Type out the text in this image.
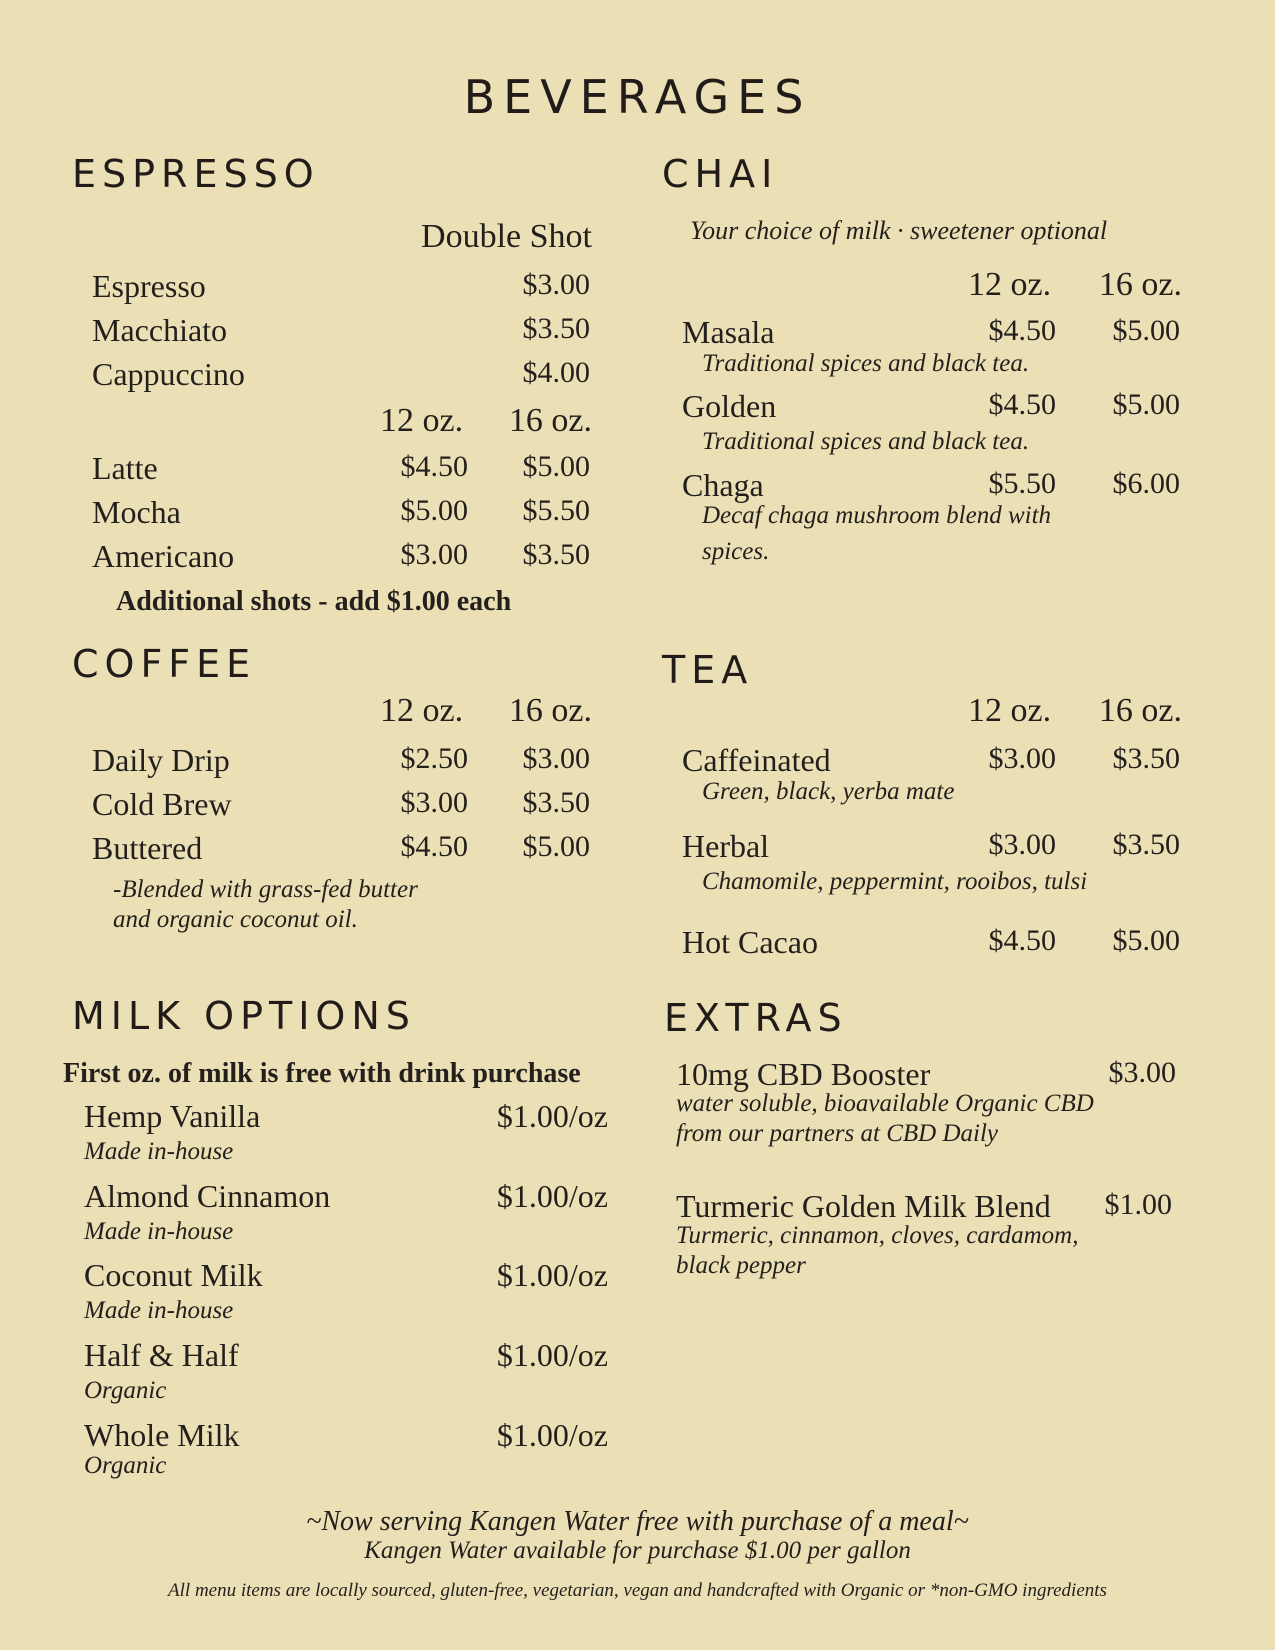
BEVERAGES
ESPRESSO
Double Shot
Espresso	$3.00
Macchiato	$3.50
Cappuccino	$4.00
12 oz.	16 oz.
Latte	$4.50	$5.00
Mocha	$5.00	$5.50
Americano	$3.00	$3.50
Additional shots - add $1.00 each
COFFEE
12 oz.	16 oz.
Daily Drip	$2.50	$3.00
Cold Brew	$3.00	$3.50
Buttered	$4.50	$5.00
-Blended with grass-fed butter
and organic coconut oil.
MILK OPTIONS
First oz. of milk is free with drink purchase
Hemp Vanilla	$1.00/oz
Made in-house
Almond Cinnamon	$1.00/oz
Made in-house
Coconut Milk	$1.00/oz
Made in-house
Half & Half	$1.00/oz
Organic
Whole Milk	$1.00/oz
Organic
CHAI
Your choice of milk · sweetener optional
12 oz.	16 oz.
Masala	$4.50	$5.00
Traditional spices and black tea.
Golden	$4.50	$5.00
Traditional spices and black tea.
Chaga	$5.50	$6.00
Decaf chaga mushroom blend with
spices.
TEA
12 oz.	16 oz.
Caffeinated	$3.00	$3.50
Green, black, yerba mate
Herbal	$3.00	$3.50
Chamomile, peppermint, rooibos, tulsi
Hot Cacao	$4.50	$5.00
EXTRAS
10mg CBD Booster	$3.00
water soluble, bioavailable Organic CBD
from our partners at CBD Daily
Turmeric Golden Milk Blend	$1.00
Turmeric, cinnamon, cloves, cardamom,
black pepper
~Now serving Kangen Water free with purchase of a meal~
Kangen Water available for purchase $1.00 per gallon
All menu items are locally sourced, gluten-free, vegetarian, vegan and handcrafted with Organic or *non-GMO ingredients
